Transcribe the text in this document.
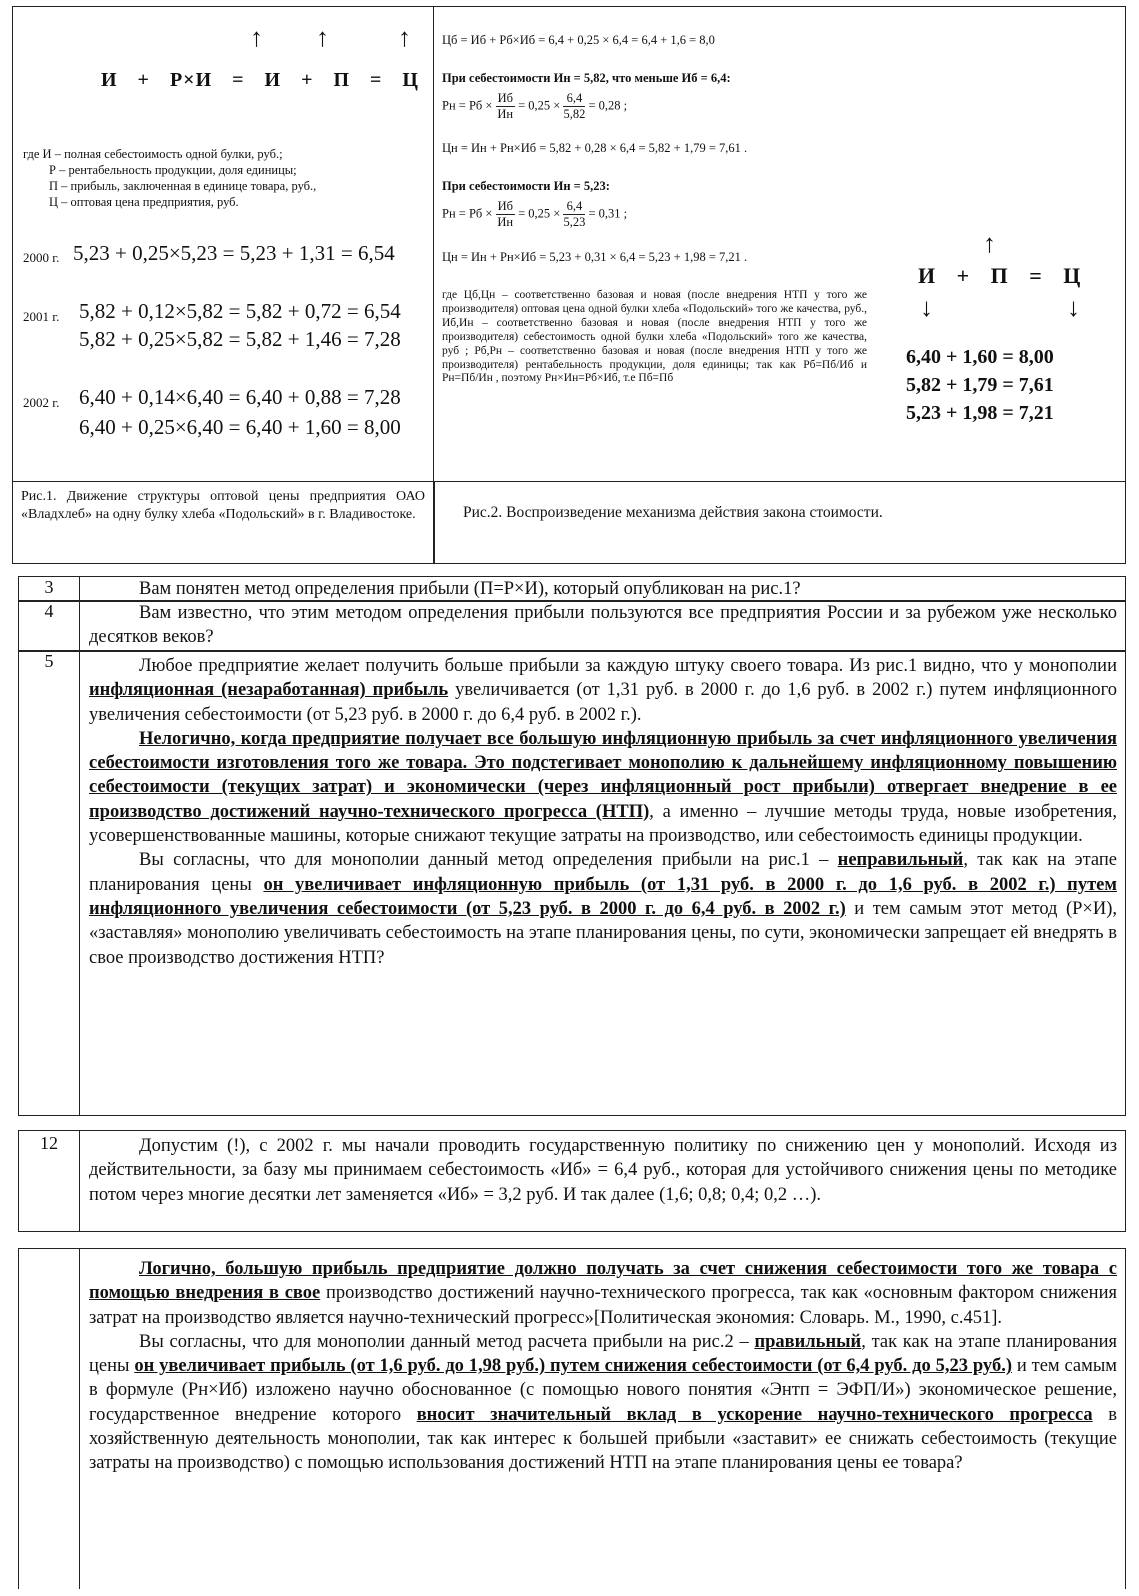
↑ ↑	↑
И + Р×И = И + П = Ц
где И – полная себестоимость одной булки, руб.;
Р – рентабельность продукции, доля единицы;
П – прибыль, заключенная в единице товара, руб.,
Ц – оптовая цена предприятия, руб.
2000 г. 5,23 + 0,25×5,23 = 5,23 + 1,31 = 6,54
2001 г. 5,82 + 0,12×5,82 = 5,82 + 0,72 = 6,54
5,82 + 0,25×5,82 = 5,82 + 1,46 = 7,28
2002 г. 6,40 + 0,14×6,40 = 6,40 + 0,88 = 7,28
6,40 + 0,25×6,40 = 6,40 + 1,60 = 8,00
Цб = Иб + Рб×Иб = 6,4 + 0,25 × 6,4 = 6,4 + 1,6 = 8,0
При себестоимости Ин = 5,82, что меньше Иб = 6,4:
Pн = Рб × $\frac{Иб}{Ин} = 0,25 \times \frac{6,4}{5,82} = 0,28$ ;
Цн = Ин + Рн×Иб = 5,82 + 0,28 × 6,4 = 5,82 + 1,79 = 7,61 .
При себестоимости Ин = 5,23:
Pн = Рб × $\frac{Иб}{Ин} = 0,25 \times \frac{6,4}{5,23} = 0,31$ ;
Цн = Ин + Рн×Иб = 5,23 + 0,31 × 6,4 = 5,23 + 1,98 = 7,21 .
где Цб,Цн – соответственно базовая и новая (после внедрения НТП у того же производителя) оптовая цена одной булки хлеба «Подольский» того же качества, руб., Иб,Ин – соответственно базовая и новая (после внедрения НТП у того же производителя) себестоимость одной булки хлеба «Подольский» того же качества, руб ; Рб,Рн – соответственно базовая и новая (после внедрения НТП у того же производителя) рентабельность продукции, доля единицы; так как Рб=Пб/Иб и Рн=Пб/Ин , поэтому Рн×Ин=Рб×Иб, т.е Пб=Пб
↑
И + П = Ц
↓	↓
6,40 + 1,60 = 8,00
5,82 + 1,79 = 7,61
5,23 + 1,98 = 7,21
Рис.1. Движение структуры оптовой цены предприятия ОАО «Владхлеб» на одну булку хлеба «Подольский» в г. Владивостоке.	Рис.2. Воспроизведение механизма действия закона стоимости.
3	Вам понятен метод определения прибыли (П=Р×И), который опубликован на рис.1?
4	Вам известно, что этим методом определения прибыли пользуются все предприятия России и за рубежом уже несколько десятков веков?
5	Любое предприятие желает получить больше прибыли за каждую штуку своего товара. Из рис.1 видно, что у монополии инфляционная (незаработанная) прибыль увеличивается (от 1,31 руб. в 2000 г. до 1,6 руб. в 2002 г.) путем инфляционного увеличения себестоимости (от 5,23 руб. в 2000 г. до 6,4 руб. в 2002 г.).

Нелогично, когда предприятие получает все большую инфляционную прибыль за счет инфляционного увеличения себестоимости изготовления того же товара. Это подстегивает монополию к дальнейшему инфляционному повышению себестоимости (текущих затрат) и экономически (через инфляционный рост прибыли) отвергает внедрение в ее производство достижений научно-технического прогресса (НТП), а именно – лучшие методы труда, новые изобретения, усовершенствованные машины, которые снижают текущие затраты на производство, или себестоимость единицы продукции.

Вы согласны, что для монополии данный метод определения прибыли на рис.1 – неправильный, так как на этапе планирования цены он увеличивает инфляционную прибыль (от 1,31 руб. в 2000 г. до 1,6 руб. в 2002 г.) путем инфляционного увеличения себестоимости (от 5,23 руб. в 2000 г. до 6,4 руб. в 2002 г.) и тем самым этот метод (Р×И), «заставляя» монополию увеличивать себестоимость на этапе планирования цены, по сути, экономически запрещает ей внедрять в свое производство достижения НТП?

12	Допустим (!), с 2002 г. мы начали проводить государственную политику по снижению цен у монополий. Исходя из действительности, за базу мы принимаем себестоимость «Иб» = 6,4 руб., которая для устойчивого снижения цены по методике потом через многие десятки лет заменяется «Иб» = 3,2 руб. И так далее (1,6; 0,8; 0,4; 0,2 …).

Логично, большую прибыль предприятие должно получать за счет снижения себестоимости того же товара с помощью внедрения в свое производство достижений научно-технического прогресса, так как «основным фактором снижения затрат на производство является научно-технический прогресс»[Политическая экономия: Словарь. М., 1990, с.451].

Вы согласны, что для монополии данный метод расчета прибыли на рис.2 – правильный, так как на этапе планирования цены он увеличивает прибыль (от 1,6 руб. до 1,98 руб.) путем снижения себестоимости (от 6,4 руб. до 5,23 руб.) и тем самым в формуле (Рн×Иб) изложено научно обоснованное (с помощью нового понятия «Энтп = ЭФП/И») экономическое решение, государственное внедрение которого вносит значительный вклад в ускорение научно-технического прогресса в хозяйственную деятельность монополии, так как интерес к большей прибыли «заставит» ее снижать себестоимость (текущие затраты на производство) с помощью использования достижений НТП на этапе планирования цены ее товара?
